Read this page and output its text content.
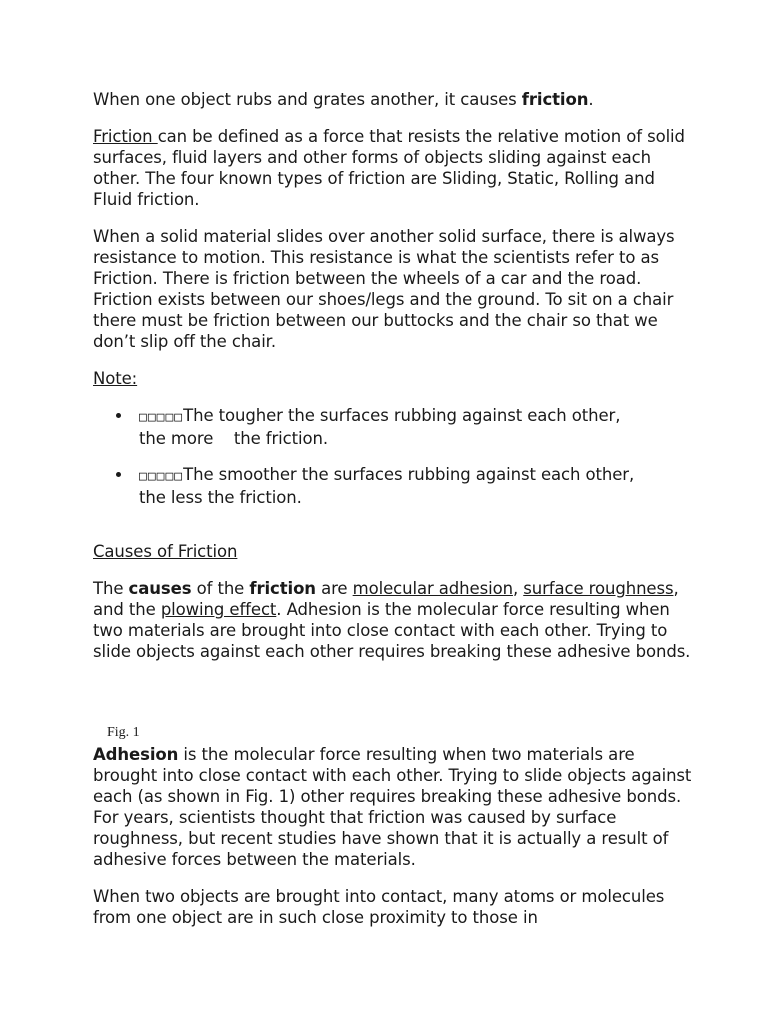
When one object rubs and grates another, it causes friction.

Friction can be defined as a force that resists the relative motion of solid surfaces, fluid layers and other forms of objects sliding against each other. The four known types of friction are Sliding, Static, Rolling and Fluid friction.

When a solid material slides over another solid surface, there is always resistance to motion. This resistance is what the scientists refer to as Friction. There is friction between the wheels of a car and the road. Friction exists between our shoes/legs and the ground. To sit on a chair there must be friction between our buttocks and the chair so that we don’t slip off the chair.

Note:

□□□□□The tougher the surfaces rubbing against each other,
the more    the friction.
□□□□□The smoother the surfaces rubbing against each other,
the less the friction.

Causes of Friction

The causes of the friction are molecular adhesion, surface roughness, and the plowing effect. Adhesion is the molecular force resulting when two materials are brought into close contact with each other. Trying to slide objects against each other requires breaking these adhesive bonds.

Fig. 1

Adhesion is the molecular force resulting when two materials are brought into close contact with each other. Trying to slide objects against each (as shown in Fig. 1) other requires breaking these adhesive bonds. For years, scientists thought that friction was caused by surface roughness, but recent studies have shown that it is actually a result of adhesive forces between the materials.

When two objects are brought into contact, many atoms or molecules from one object are in such close proximity to those in
